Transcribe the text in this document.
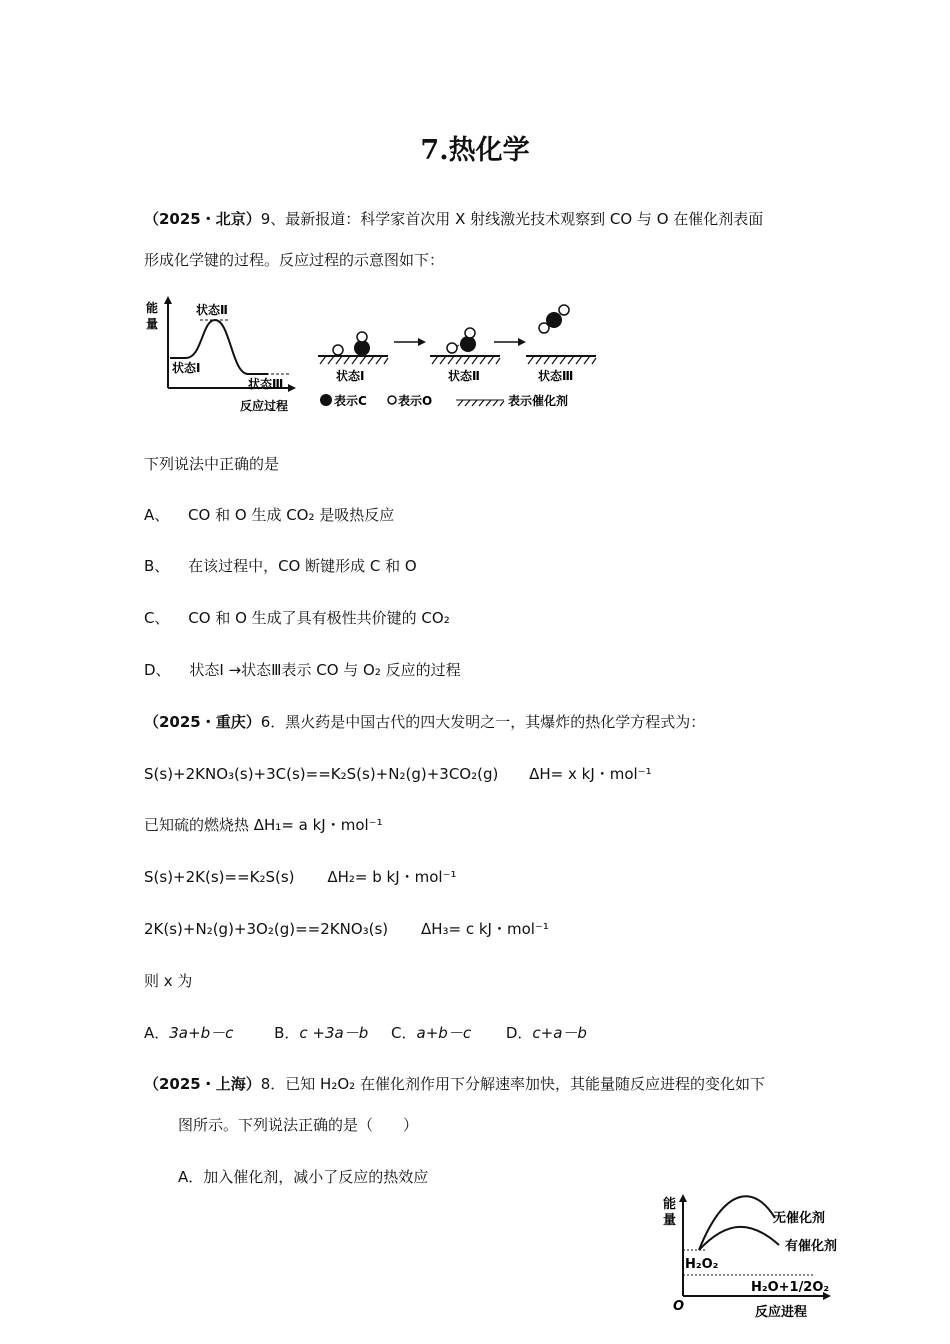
7.热化学
（2025・北京）9、最新报道：科学家首次用 X 射线激光技术观察到 CO 与 O 在催化剂表面
形成化学键的过程。反应过程的示意图如下：
能
量
状态Ⅱ
状态Ⅰ
状态Ⅲ
反应过程
状态Ⅰ	状态Ⅱ	状态Ⅲ
表示C	表示O	表示催化剂
下列说法中正确的是
A、 CO 和 O 生成 CO₂ 是吸热反应
B、 在该过程中，CO 断键形成 C 和 O
C、 CO 和 O 生成了具有极性共价键的 CO₂
D、 状态Ⅰ →状态Ⅲ表示 CO 与 O₂ 反应的过程
（2025・重庆）6．黑火药是中国古代的四大发明之一，其爆炸的热化学方程式为：
S(s)+2KNO₃(s)+3C(s)==K₂S(s)+N₂(g)+3CO₂(g) ΔH= x kJ・mol⁻¹
已知硫的燃烧热 ΔH₁= a kJ・mol⁻¹
S(s)+2K(s)==K₂S(s) ΔH₂= b kJ・mol⁻¹
2K(s)+N₂(g)+3O₂(g)==2KNO₃(s) ΔH₃= c kJ・mol⁻¹
则 x 为
A．3a+b－c	B．c +3a－b C．a+b－c D．c+a－b
（2025・上海）8．已知 H₂O₂ 在催化剂作用下分解速率加快，其能量随反应进程的变化如下
图所示。下列说法正确的是（　　）
A．加入催化剂，减小了反应的热效应
能
量	无催化剂
有催化剂
H₂O₂
H₂O+1/2O₂
O	反应进程
